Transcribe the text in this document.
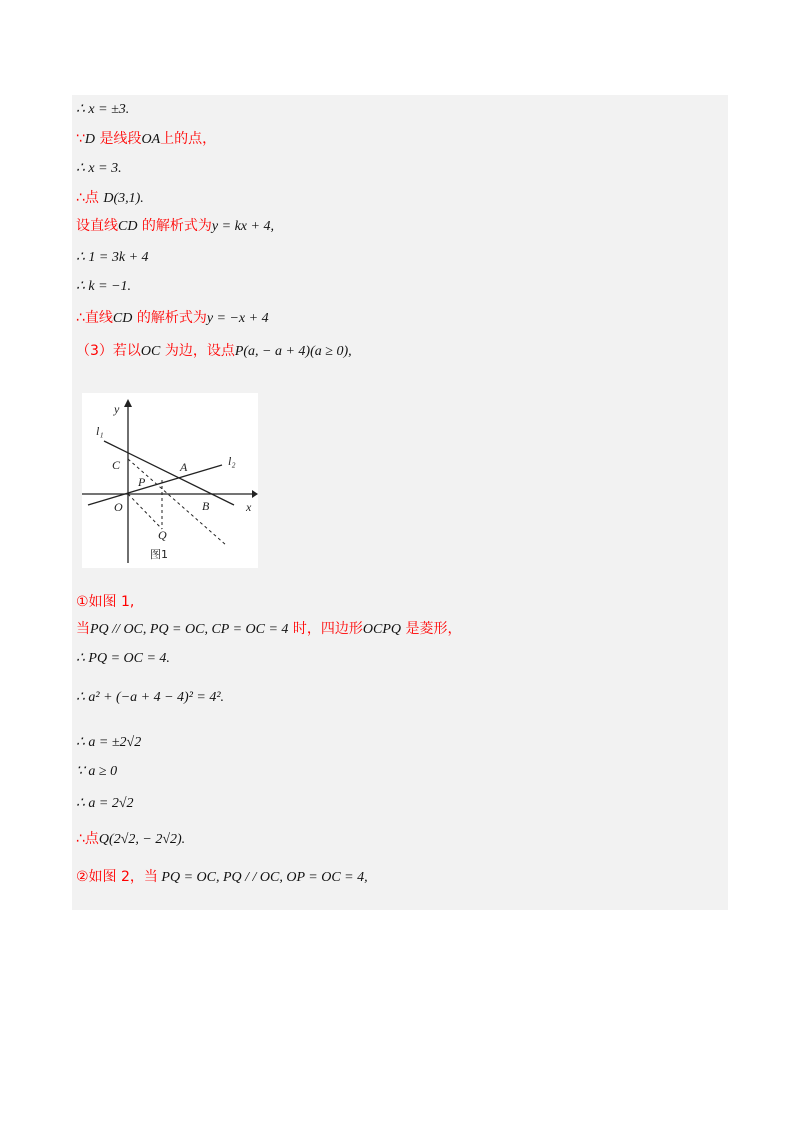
∴ x = ±3.
∵D 是线段OA上的点，
∴ x = 3.
∴点 D(3,1).
设直线CD 的解析式为y = kx + 4,
∴ 1 = 3k + 4
∴ k = −1.
∴直线CD 的解析式为y = −x + 4
（3）若以OC 为边，设点P(a, − a + 4)(a ≥ 0),
①如图 1,
当PQ // OC, PQ = OC, CP = OC = 4 时，四边形OCPQ 是菱形，
∴ PQ = OC = 4.
∴ a² + (−a + 4 − 4)² = 4².
∴ a = ±2√2
∵ a ≥ 0
∴ a = 2√2
∴点Q(2√2, − 2√2).
②如图 2，当 PQ = OC, PQ / / OC, OP = OC = 4,
y
x
l₁
l₂
C	A
P
O	B
Q
图1
